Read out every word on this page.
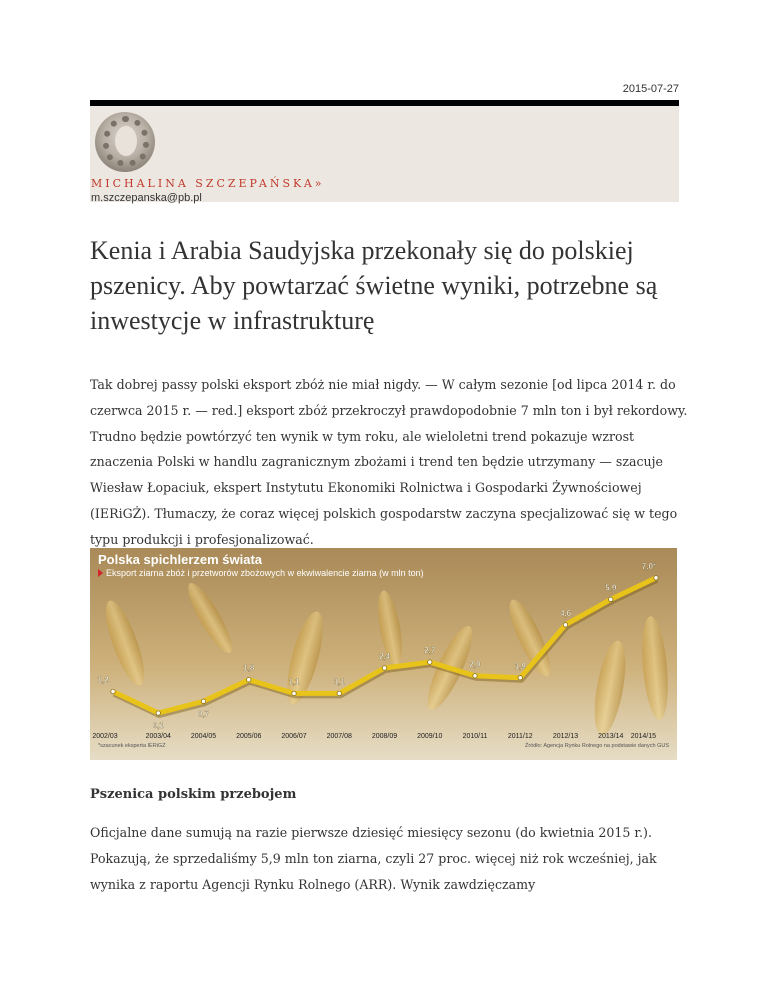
2015-07-27
MICHALINA SZCZEPAŃSKA»
m.szczepanska@pb.pl
Kenia i Arabia Saudyjska przekonały się do polskiej pszenicy. Aby powtarzać świetne wyniki, potrzebne są inwestycje w infrastrukturę

Tak dobrej passy polski eksport zbóż nie miał nigdy. — W całym sezonie [od lipca 2014 r. do czerwca 2015 r. — red.] eksport zbóż przekroczył prawdopodobnie 7 mln ton i był rekordowy. Trudno będzie powtórzyć ten wynik w tym roku, ale wieloletni trend pokazuje wzrost znaczenia Polski w handlu zagranicznym zbożami i trend ten będzie utrzymany — szacuje Wiesław Łopaciuk, ekspert Instytutu Ekonomiki Rolnictwa i Gospodarki Żywnościowej (IERiGŻ). Tłumaczy, że coraz więcej polskich gospodarstw zaczyna specjalizować się w tego typu produkcji i profesjonalizować.

Polska spichlerzem świata
Eksport ziarna zbóż i przetworów zbożowych w ekwiwalencie ziarna (w mln ton)
1,2
0,1
0,7
1,8
1,1	1,1
2,4
2,7
2,0	1,9
4,6
5,9
7,0*
2002/03	2003/04	2004/05	2005/06	2006/07	2007/08	2008/09	2009/10	2010/11	2011/12	2012/13	2013/14 2014/15
*szacunek eksperta IERiGŻ	Źródło: Agencja Rynku Rolnego na podstawie danych GUS
Pszenica polskim przebojem

Oficjalne dane sumują na razie pierwsze dziesięć miesięcy sezonu (do kwietnia 2015 r.). Pokazują, że sprzedaliśmy 5,9 mln ton ziarna, czyli 27 proc. więcej niż rok wcześniej, jak wynika z raportu Agencji Rynku Rolnego (ARR). Wynik zawdzięczamy
